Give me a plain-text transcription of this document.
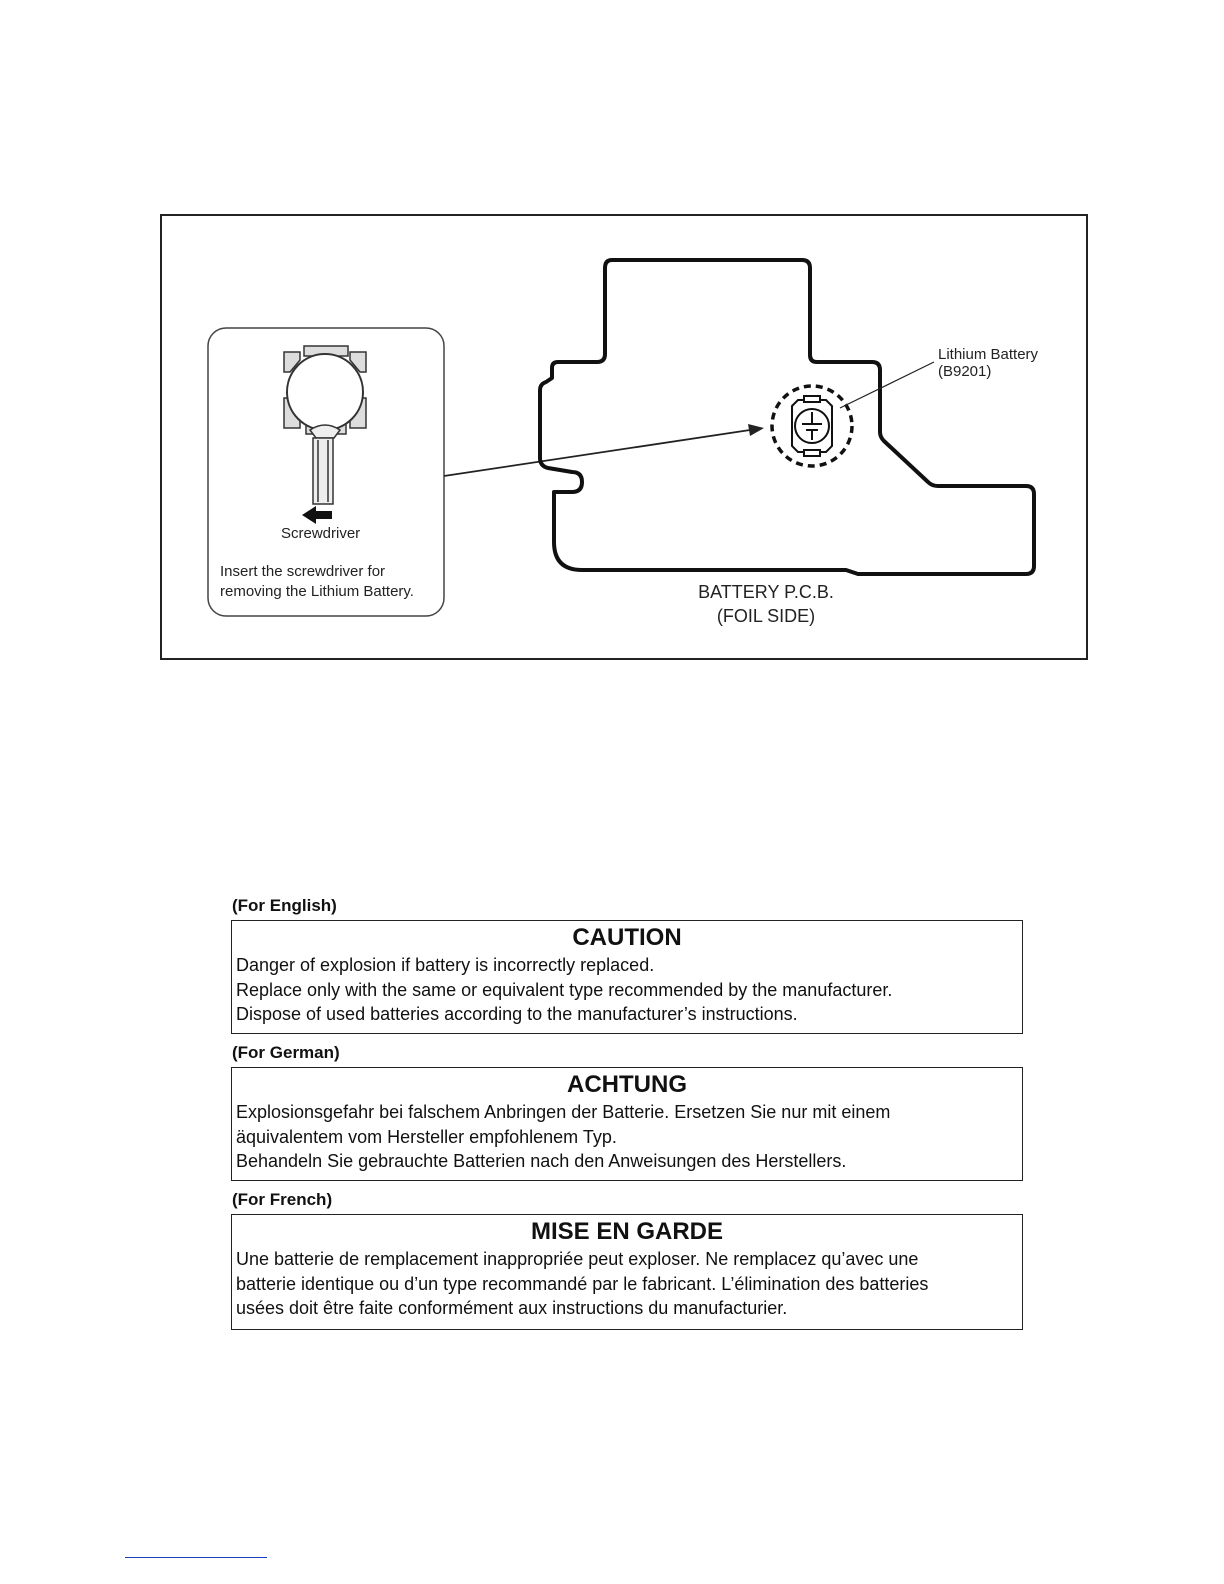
Screwdriver
Insert the screwdriver for
removing the Lithium Battery.
Lithium Battery
(B9201)
BATTERY P.C.B.
(FOIL SIDE)
(For English)
CAUTION
Danger of explosion if battery is incorrectly replaced.
Replace only with the same or equivalent type recommended by the manufacturer.
Dispose of used batteries according to the manufacturer’s instructions.
(For German)
ACHTUNG
Explosionsgefahr bei falschem Anbringen der Batterie. Ersetzen Sie nur mit einem
äquivalentem vom Hersteller empfohlenem Typ.
Behandeln Sie gebrauchte Batterien nach den Anweisungen des Herstellers.
(For French)
MISE EN GARDE
Une batterie de remplacement inappropriée peut exploser. Ne remplacez qu’avec une
batterie identique ou d’un type recommandé par le fabricant. L’élimination des batteries
usées doit être faite conformément aux instructions du manufacturier.
